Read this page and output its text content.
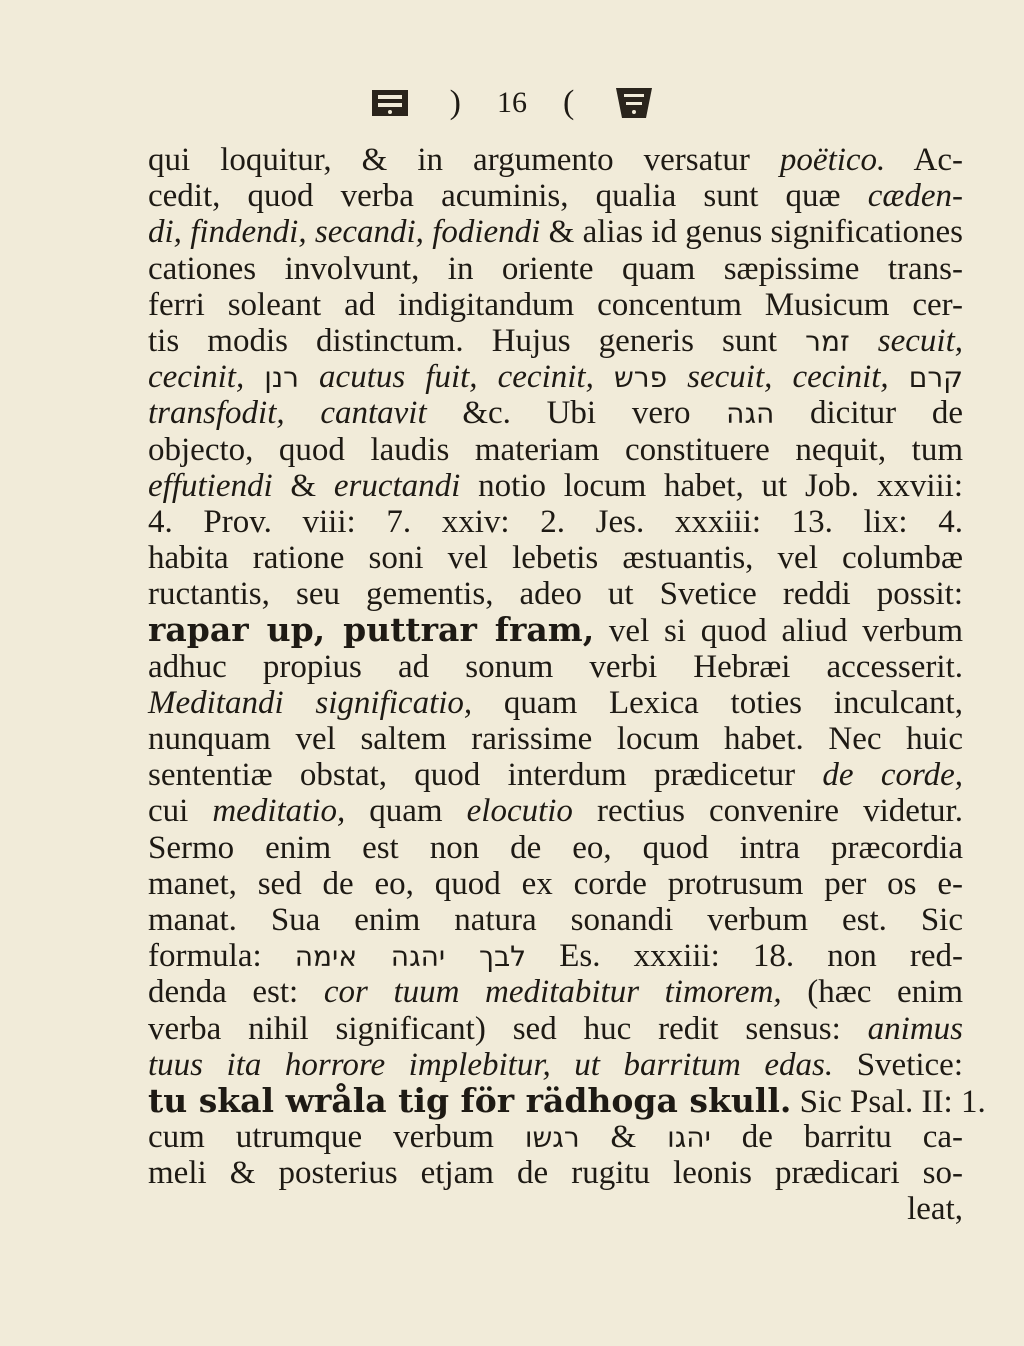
) 16 (
qui loquitur, & in argumento versatur poëtico. Ac-
cedit, quod verba acuminis, qualia sunt quæ cæden-
di, findendi, secandi, fodiendi & alias id genus significationes
cationes involvunt, in oriente quam sæpissime trans-
ferri soleant ad indigitandum concentum Musicum cer-
tis modis distinctum. Hujus generis sunt זמר secuit,
cecinit, רנן acutus fuit, cecinit, פרש secuit, cecinit, קרם
transfodit, cantavit &c. Ubi vero הגה dicitur de
objecto, quod laudis materiam constituere nequit, tum
effutiendi & eructandi notio locum habet, ut Job. xxviii:
4. Prov. viii: 7. xxiv: 2. Jes. xxxiii: 13. lix: 4.
habita ratione soni vel lebetis æstuantis, vel columbæ
ructantis, seu gementis, adeo ut Svetice reddi possit:
rapar up, puttrar fram, vel si quod aliud verbum
adhuc propius ad sonum verbi Hebræi accesserit.
Meditandi significatio, quam Lexica toties inculcant,
nunquam vel saltem rarissime locum habet. Nec huic
sententiæ obstat, quod interdum prædicetur de corde,
cui meditatio, quam elocutio rectius convenire videtur.
Sermo enim est non de eo, quod intra præcordia
manet, sed de eo, quod ex corde protrusum per os e-
manat. Sua enim natura sonandi verbum est. Sic
formula: לבך יהגה אימה Es. xxxiii: 18. non red-
denda est: cor tuum meditabitur timorem, (hæc enim
verba nihil significant) sed huc redit sensus: animus
tuus ita horrore implebitur, ut barritum edas. Svetice:
tu skal wråla tig för rädhoga skull. Sic Psal. II: 1.
cum utrumque verbum	יהגו & רגשו	de barritu ca-
meli & posterius etjam de rugitu leonis prædicari so-
leat,
